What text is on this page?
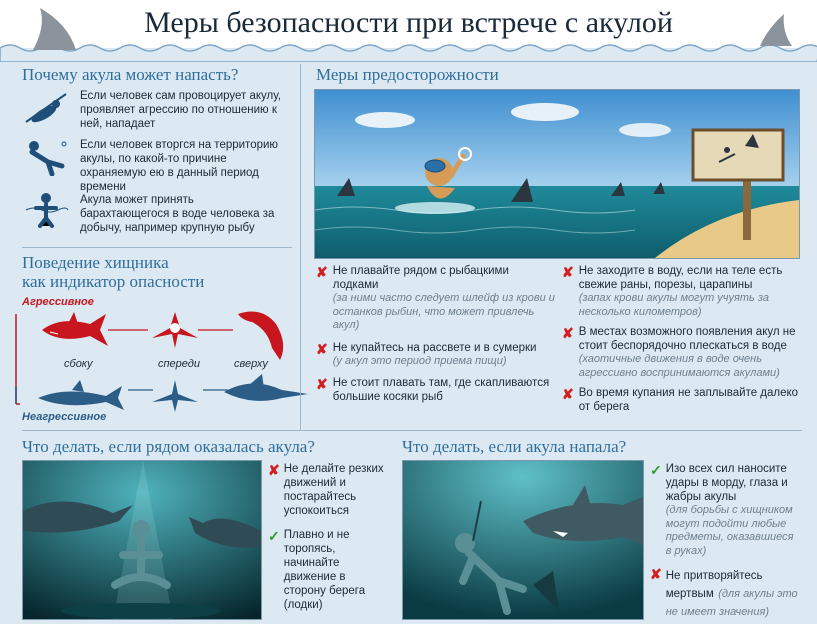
Меры безопасности при встрече с акулой
Почему акула может напасть?
Если человек сам провоцирует акулу, проявляет агрессию по отношению к ней, нападает
Если человек вторгся на территорию акулы, по какой-то причине охраняемую ею в данный период времени
Акула может принять барахтающегося в воде человека за добычу, например крупную рыбу
Поведение хищника
как индикатор опасности
Агрессивное
сбоку	спереди	сверху
Неагрессивное
Меры предосторожности
✘ Не плавайте рядом с рыбацкими лодками
(за ними часто следует шлейф из крови и останков рыбин, что может привлечь акул)
✘ Не купайтесь на рассвете и в сумерки
(у акул это период приема пищи)
✘ Не стоит плавать там, где скапливаются большие косяки рыб
✘ Не заходите в воду, если на теле есть свежие раны, порезы, царапины
(запах крови акулы могут учуять за несколько километров)
✘ В местах возможного появления акул не стоит беспорядочно плескаться в воде
(хаотичные движения в воде очень агрессивно воспринимаются акулами)
✘ Во время купания не заплывайте далеко от берега
Что делать, если рядом оказалась акула?
✘ Не делайте резких движений и постарайтесь успокоиться
✓ Плавно и не торопясь, начинайте движение в сторону берега (лодки)
Что делать, если акула напала?
✓ Изо всех сил наносите удары в морду, глаза и жабры акулы
(для борьбы с хищником могут подойти любые предметы, оказавшиеся в руках)
✘ Не притворяйтесь мертвым (для акулы это не имеет значения)
